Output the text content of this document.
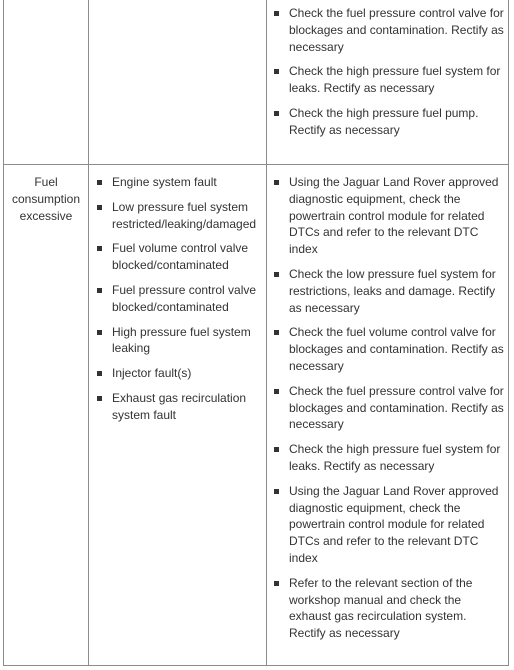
Check the fuel pressure control valve for blockages and contamination. Rectify as necessary
Check the high pressure fuel system for leaks. Rectify as necessary
Check the high pressure fuel pump. Rectify as necessary
Fuel consumption excessive
Engine system fault
Low pressure fuel system restricted/leaking/damaged
Fuel volume control valve blocked/contaminated
Fuel pressure control valve blocked/contaminated
High pressure fuel system leaking
Injector fault(s)
Exhaust gas recirculation system fault
Using the Jaguar Land Rover approved diagnostic equipment, check the powertrain control module for related DTCs and refer to the relevant DTC index
Check the low pressure fuel system for restrictions, leaks and damage. Rectify as necessary
Check the fuel volume control valve for blockages and contamination. Rectify as necessary
Check the fuel pressure control valve for blockages and contamination. Rectify as necessary
Check the high pressure fuel system for leaks. Rectify as necessary
Using the Jaguar Land Rover approved diagnostic equipment, check the powertrain control module for related DTCs and refer to the relevant DTC index
Refer to the relevant section of the workshop manual and check the exhaust gas recirculation system. Rectify as necessary
